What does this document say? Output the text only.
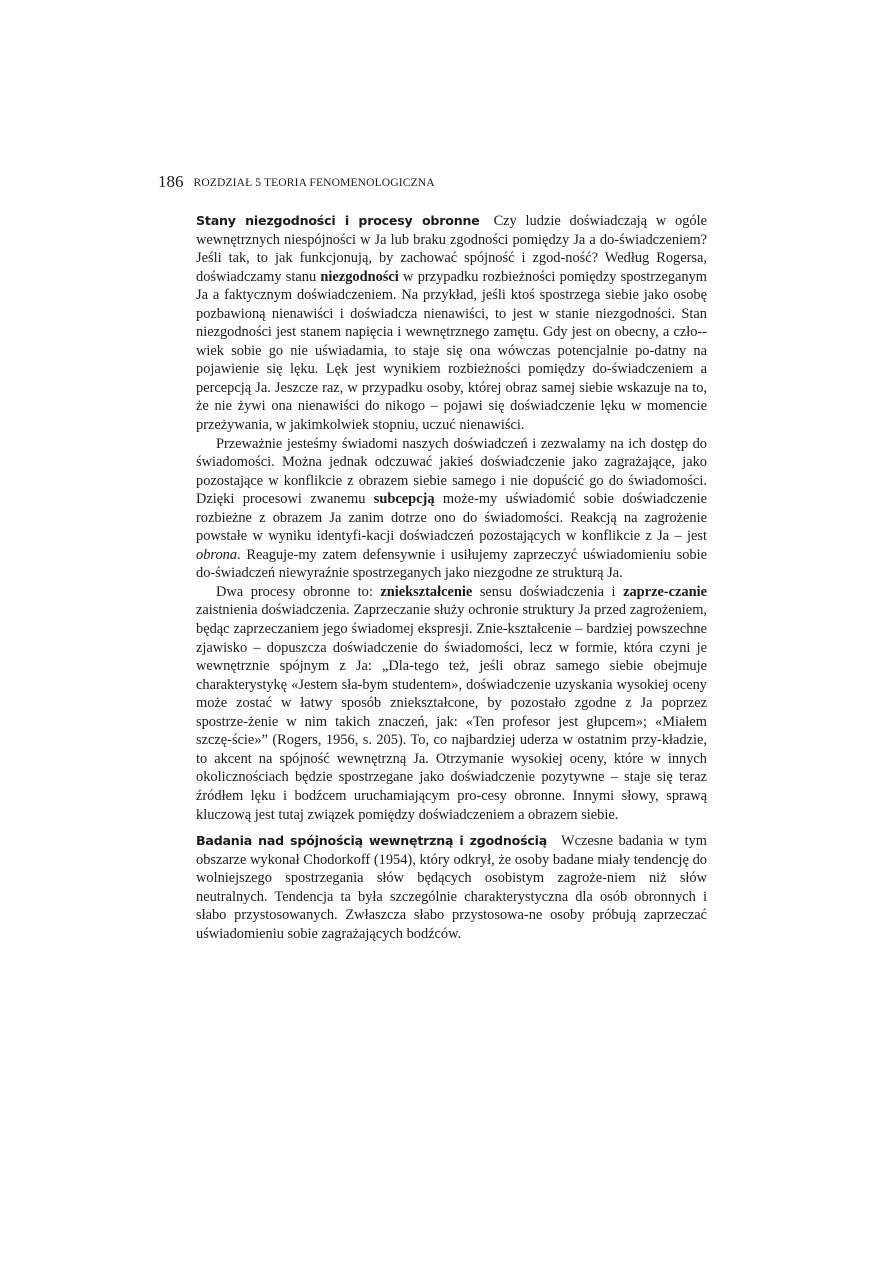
186 ROZDZIAŁ 5 TEORIA FENOMENOLOGICZNA

Stany niezgodności i procesy obronne Czy ludzie doświadczają w ogóle wewnętrznych niespójności w Ja lub braku zgodności pomiędzy Ja a do-świadczeniem? Jeśli tak, to jak funkcjonują, by zachować spójność i zgod-ność? Według Rogersa, doświadczamy stanu niezgodności w przypadku rozbieżności pomiędzy spostrzeganym Ja a faktycznym doświadczeniem. Na przykład, jeśli ktoś spostrzega siebie jako osobę pozbawioną nienawiści i doświadcza nienawiści, to jest w stanie niezgodności. Stan niezgodności jest stanem napięcia i wewnętrznego zamętu. Gdy jest on obecny, a czło-wiek sobie go nie uświadamia, to staje się ona wówczas potencjalnie po-datny na pojawienie się lęku. Lęk jest wynikiem rozbieżności pomiędzy do-świadczeniem a percepcją Ja. Jeszcze raz, w przypadku osoby, której obraz samej siebie wskazuje na to, że nie żywi ona nienawiści do nikogo – pojawi się doświadczenie lęku w momencie przeżywania, w jakimkolwiek stopniu, uczuć nienawiści.

Przeważnie jesteśmy świadomi naszych doświadczeń i zezwalamy na ich dostęp do świadomości. Można jednak odczuwać jakieś doświadczenie jako zagrażające, jako pozostające w konflikcie z obrazem siebie samego i nie dopuścić go do świadomości. Dzięki procesowi zwanemu subcepcją może-my uświadomić sobie doświadczenie rozbieżne z obrazem Ja zanim dotrze ono do świadomości. Reakcją na zagrożenie powstałe w wyniku identyfi-kacji doświadczeń pozostających w konflikcie z Ja – jest obrona. Reaguje-my zatem defensywnie i usiłujemy zaprzeczyć uświadomieniu sobie do-świadczeń niewyraźnie spostrzeganych jako niezgodne ze strukturą Ja.

Dwa procesy obronne to: zniekształcenie sensu doświadczenia i zaprze-czanie zaistnienia doświadczenia. Zaprzeczanie służy ochronie struktury Ja przed zagrożeniem, będąc zaprzeczaniem jego świadomej ekspresji. Znie-kształcenie – bardziej powszechne zjawisko – dopuszcza doświadczenie do świadomości, lecz w formie, która czyni je wewnętrznie spójnym z Ja: „Dla-tego też, jeśli obraz samego siebie obejmuje charakterystykę «Jestem sła-bym studentem», doświadczenie uzyskania wysokiej oceny może zostać w łatwy sposób zniekształcone, by pozostało zgodne z Ja poprzez spostrze-żenie w nim takich znaczeń, jak: «Ten profesor jest głupcem»; «Miałem szczę-ście»” (Rogers, 1956, s. 205). To, co najbardziej uderza w ostatnim przy-kładzie, to akcent na spójność wewnętrzną Ja. Otrzymanie wysokiej oceny, które w innych okolicznościach będzie spostrzegane jako doświadczenie pozytywne – staje się teraz źródłem lęku i bodźcem uruchamiającym pro-cesy obronne. Innymi słowy, sprawą kluczową jest tutaj związek pomiędzy doświadczeniem a obrazem siebie.

Badania nad spójnością wewnętrzną i zgodnością Wczesne badania w tym obszarze wykonał Chodorkoff (1954), który odkrył, że osoby badane miały tendencję do wolniejszego spostrzegania słów będących osobistym zagroże-niem niż słów neutralnych. Tendencja ta była szczególnie charakterystyczna dla osób obronnych i słabo przystosowanych. Zwłaszcza słabo przystosowa-ne osoby próbują zaprzeczać uświadomieniu sobie zagrażających bodźców.
